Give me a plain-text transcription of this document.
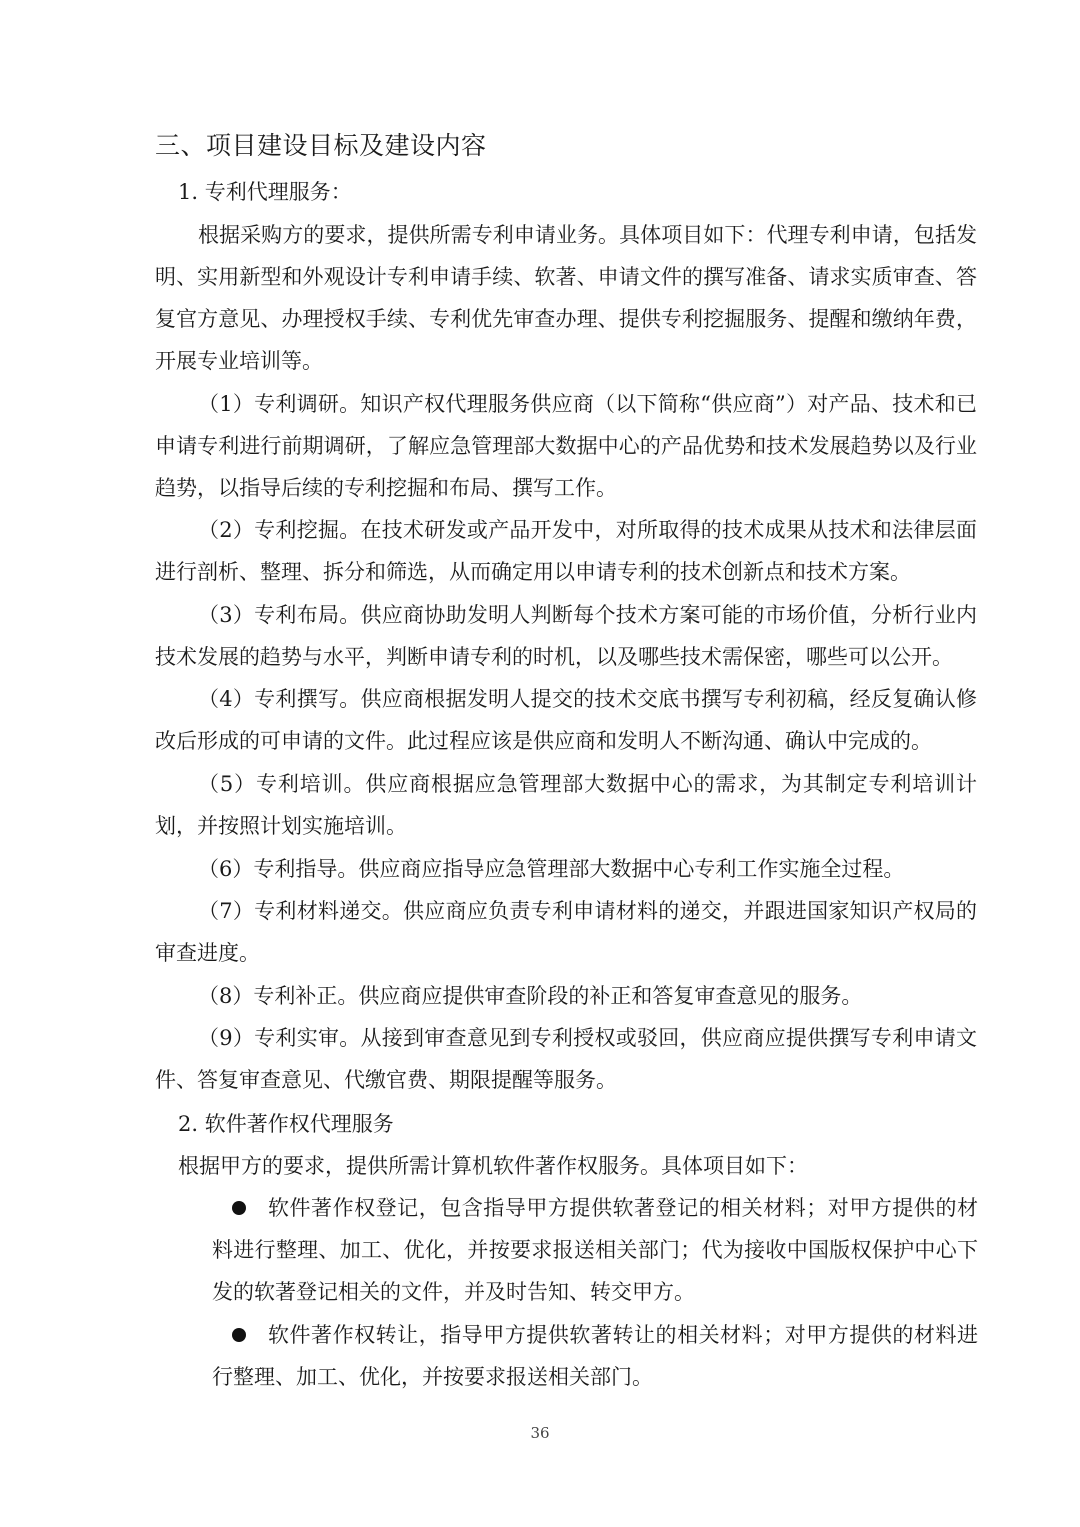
三、项目建设目标及建设内容

1. 专利代理服务：

根据采购方的要求，提供所需专利申请业务。具体项目如下：代理专利申请，包括发明、实用新型和外观设计专利申请手续、软著、申请文件的撰写准备、请求实质审查、答复官方意见、办理授权手续、专利优先审查办理、提供专利挖掘服务、提醒和缴纳年费，开展专业培训等。

（1）专利调研。知识产权代理服务供应商（以下简称“供应商”）对产品、技术和已申请专利进行前期调研，了解应急管理部大数据中心的产品优势和技术发展趋势以及行业趋势，以指导后续的专利挖掘和布局、撰写工作。

（2）专利挖掘。在技术研发或产品开发中，对所取得的技术成果从技术和法律层面进行剖析、整理、拆分和筛选，从而确定用以申请专利的技术创新点和技术方案。

（3）专利布局。供应商协助发明人判断每个技术方案可能的市场价值，分析行业内技术发展的趋势与水平，判断申请专利的时机，以及哪些技术需保密，哪些可以公开。

（4）专利撰写。供应商根据发明人提交的技术交底书撰写专利初稿，经反复确认修改后形成的可申请的文件。此过程应该是供应商和发明人不断沟通、确认中完成的。

（5）专利培训。供应商根据应急管理部大数据中心的需求，为其制定专利培训计划，并按照计划实施培训。

（6）专利指导。供应商应指导应急管理部大数据中心专利工作实施全过程。

（7）专利材料递交。供应商应负责专利申请材料的递交，并跟进国家知识产权局的审查进度。

（8）专利补正。供应商应提供审查阶段的补正和答复审查意见的服务。

（9）专利实审。从接到审查意见到专利授权或驳回，供应商应提供撰写专利申请文件、答复审查意见、代缴官费、期限提醒等服务。

2. 软件著作权代理服务

根据甲方的要求，提供所需计算机软件著作权服务。具体项目如下：

软件著作权登记，包含指导甲方提供软著登记的相关材料；对甲方提供的材料进行整理、加工、优化，并按要求报送相关部门；代为接收中国版权保护中心下发的软著登记相关的文件，并及时告知、转交甲方。

软件著作权转让，指导甲方提供软著转让的相关材料；对甲方提供的材料进行整理、加工、优化，并按要求报送相关部门。

36
